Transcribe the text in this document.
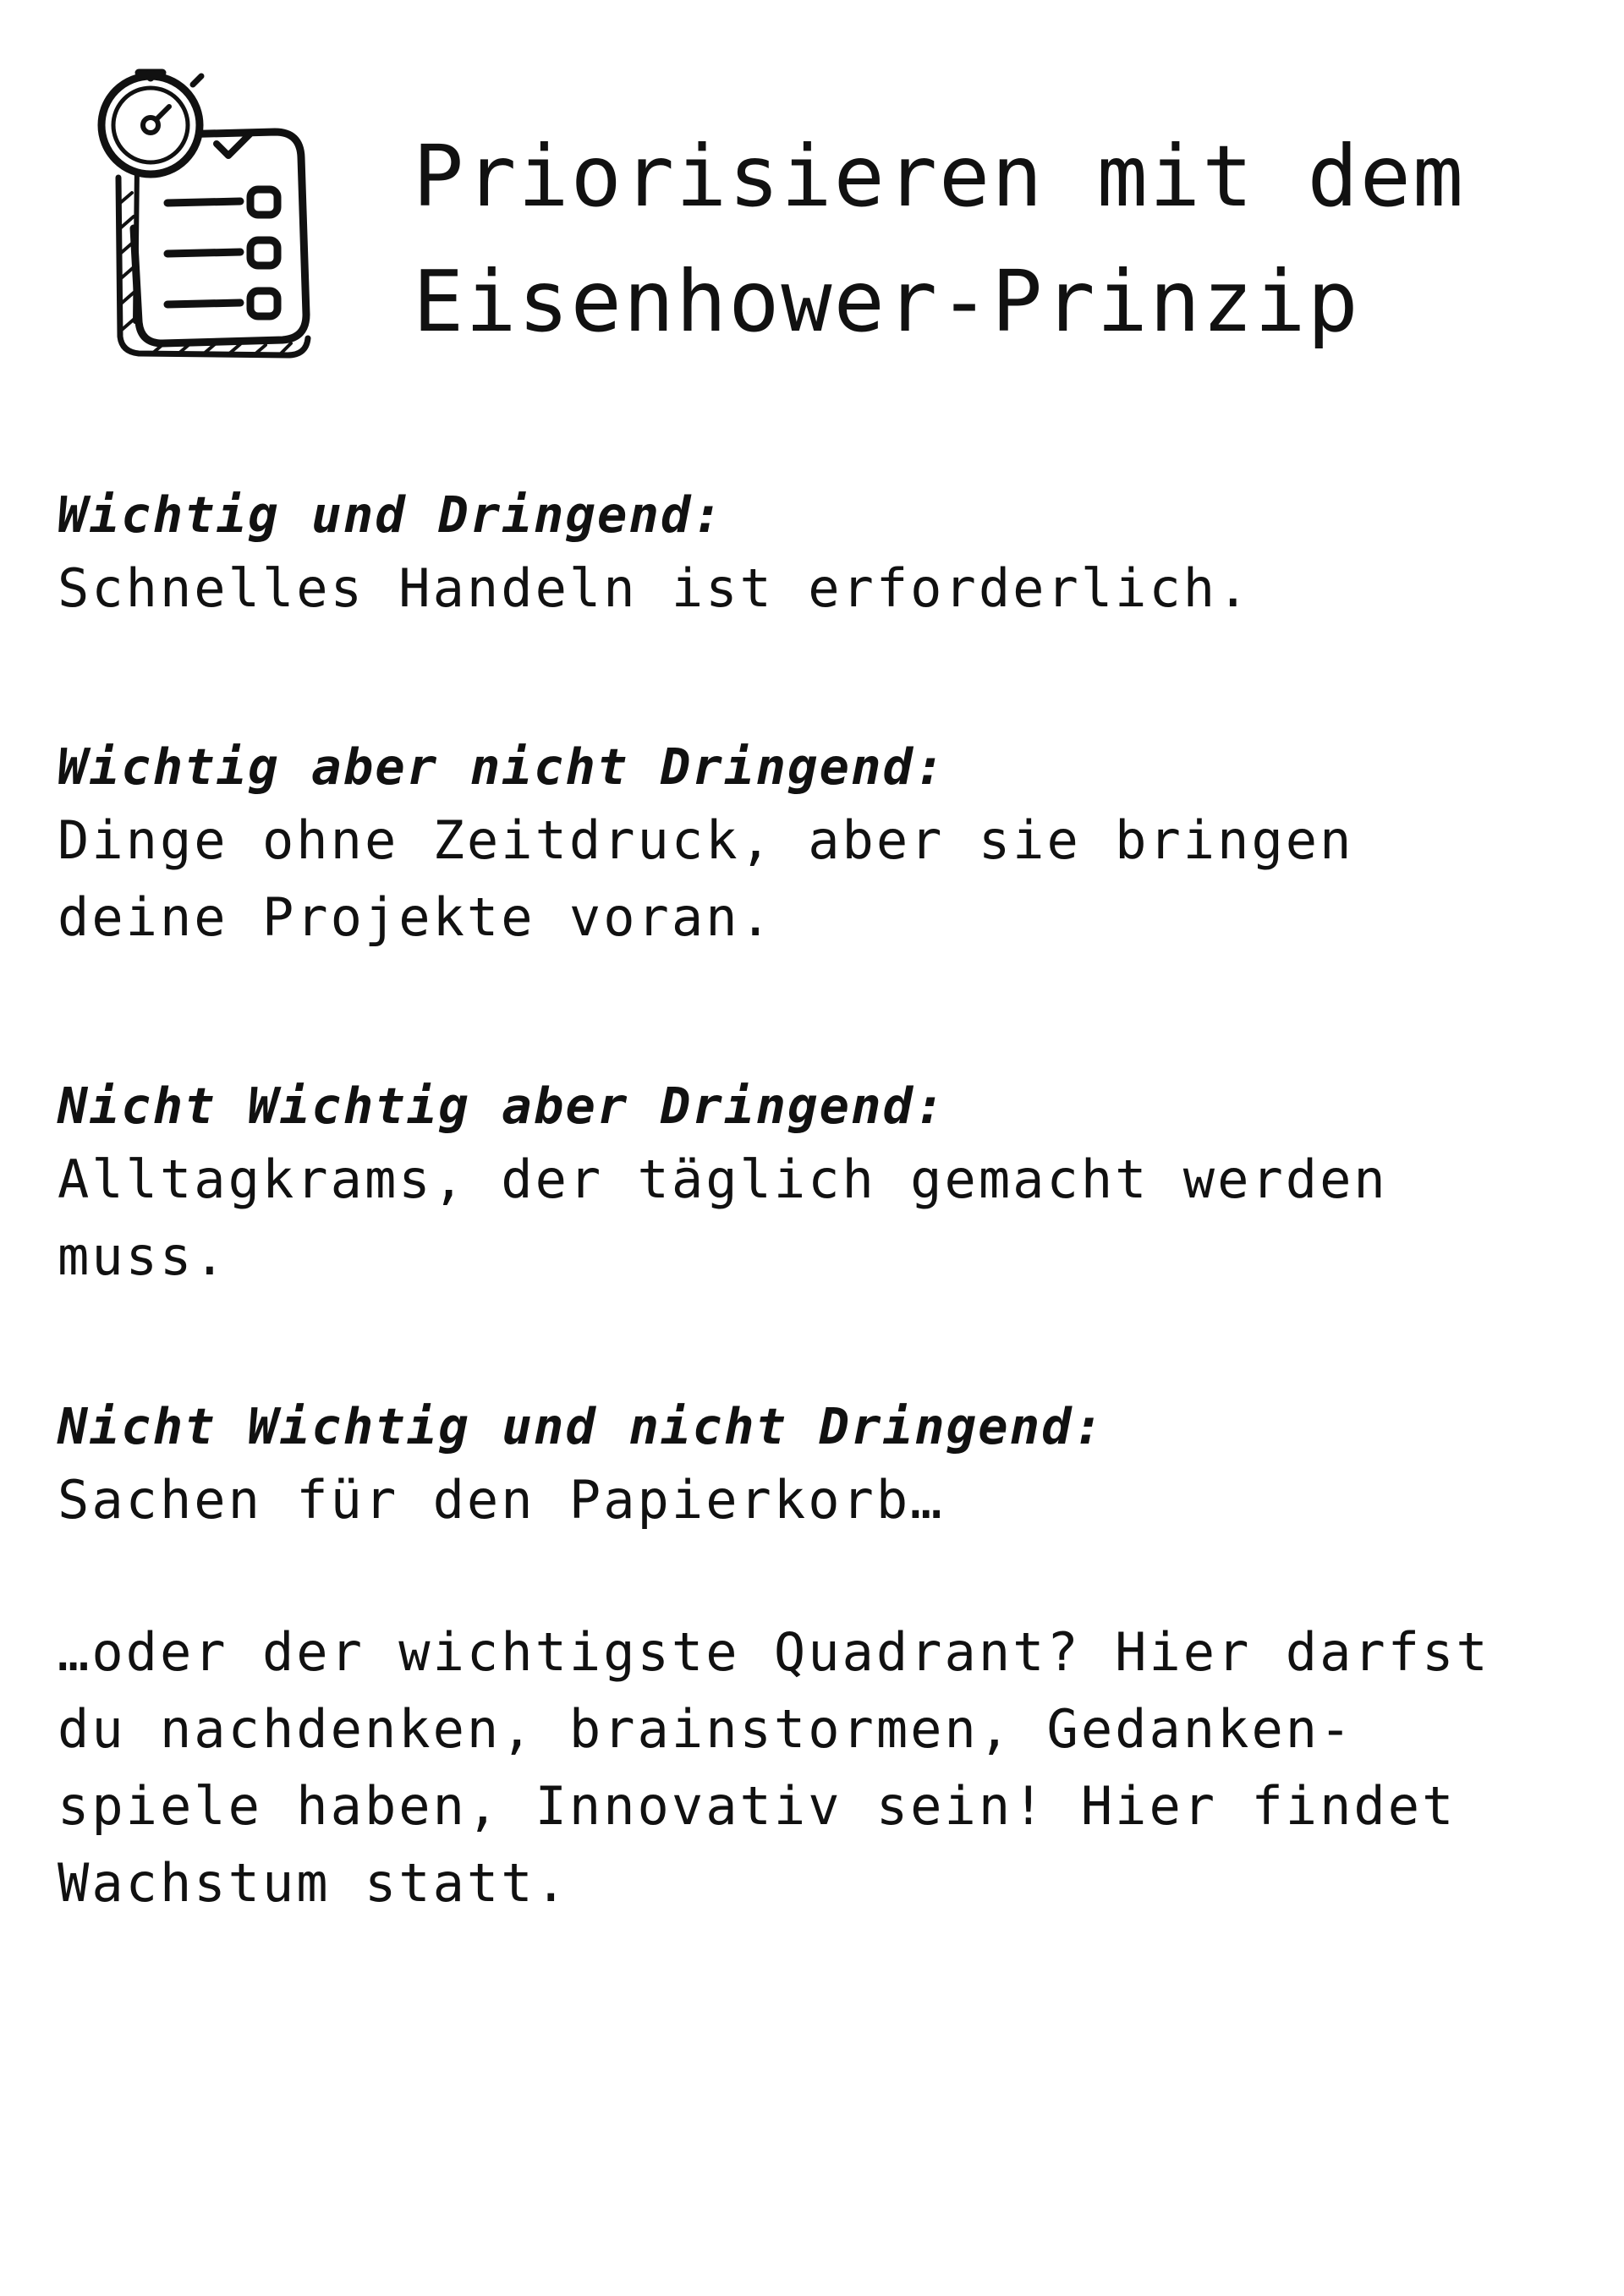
Priorisieren mit dem
Eisenhower-Prinzip
Wichtig und Dringend:

Schnelles Handeln ist erforderlich.

Wichtig aber nicht Dringend:

Dinge ohne Zeitdruck, aber sie bringen
deine Projekte voran.

Nicht Wichtig aber Dringend:

Alltagkrams, der täglich gemacht werden
muss.

Nicht Wichtig und nicht Dringend:

Sachen für den Papierkorb…

…oder der wichtigste Quadrant? Hier darfst
du nachdenken, brainstormen, Gedanken-
spiele haben, Innovativ sein! Hier findet
Wachstum statt.
